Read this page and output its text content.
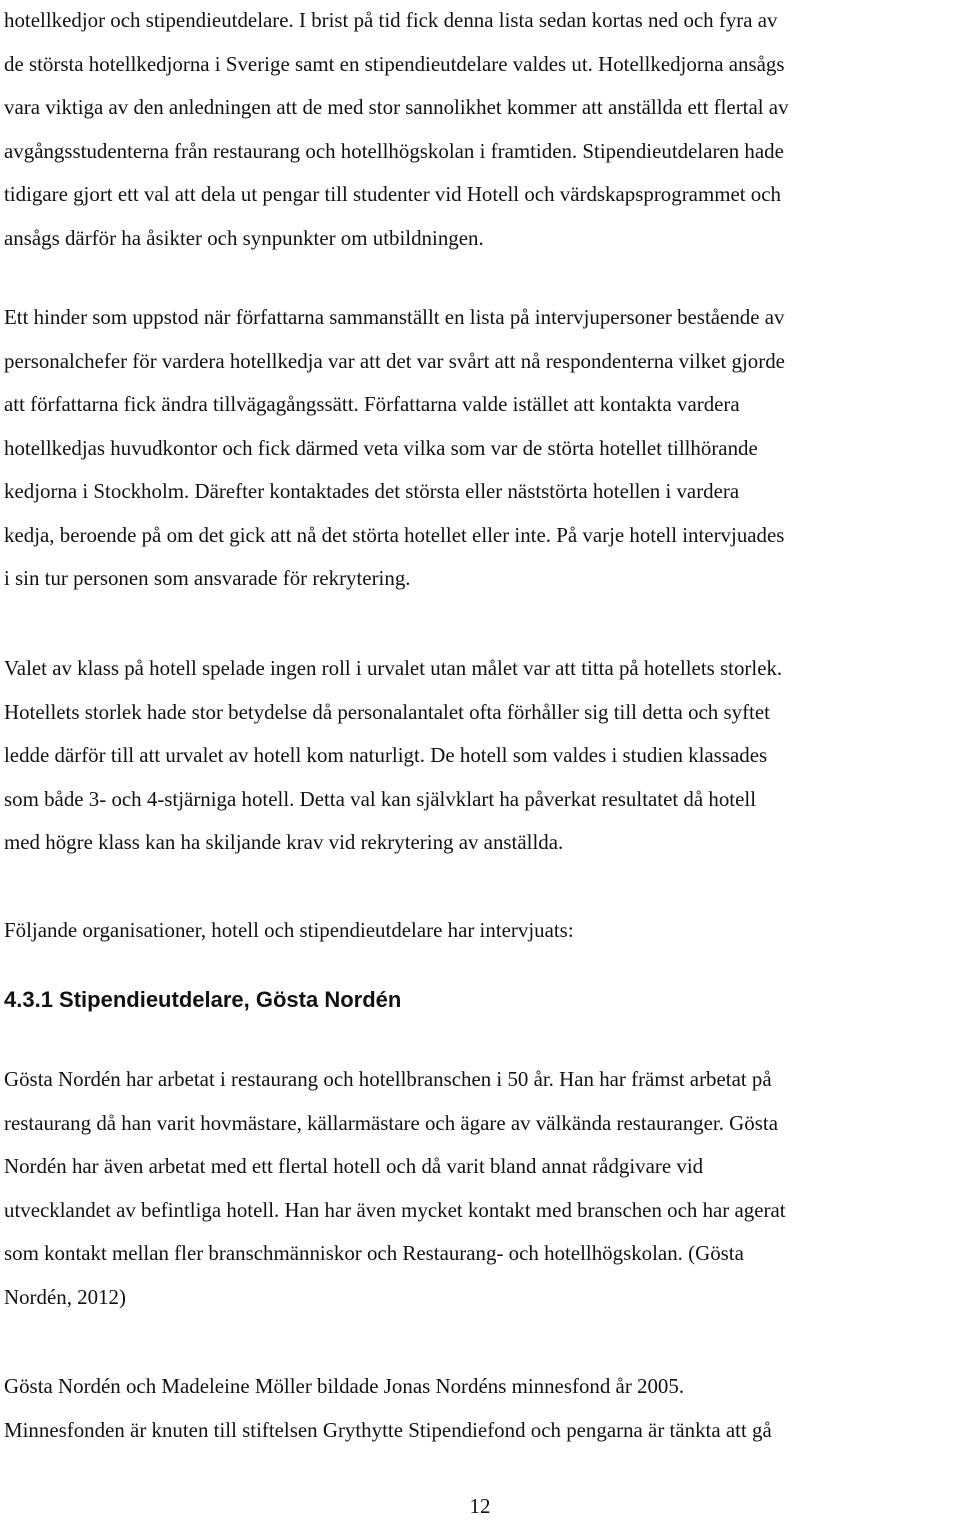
hotellkedjor och stipendieutdelare. I brist på tid fick denna lista sedan kortas ned och fyra av
de största hotellkedjorna i Sverige samt en stipendieutdelare valdes ut. Hotellkedjorna ansågs
vara viktiga av den anledningen att de med stor sannolikhet kommer att anställda ett flertal av
avgångsstudenterna från restaurang och hotellhögskolan i framtiden. Stipendieutdelaren hade
tidigare gjort ett val att dela ut pengar till studenter vid Hotell och värdskapsprogrammet och
ansågs därför ha åsikter och synpunkter om utbildningen.
Ett hinder som uppstod när författarna sammanställt en lista på intervjupersoner bestående av
personalchefer för vardera hotellkedja var att det var svårt att nå respondenterna vilket gjorde
att författarna fick ändra tillvägagångssätt. Författarna valde istället att kontakta vardera
hotellkedjas huvudkontor och fick därmed veta vilka som var de störta hotellet tillhörande
kedjorna i Stockholm. Därefter kontaktades det största eller näststörta hotellen i vardera
kedja, beroende på om det gick att nå det störta hotellet eller inte. På varje hotell intervjuades
i sin tur personen som ansvarade för rekrytering.
Valet av klass på hotell spelade ingen roll i urvalet utan målet var att titta på hotellets storlek.
Hotellets storlek hade stor betydelse då personalantalet ofta förhåller sig till detta och syftet
ledde därför till att urvalet av hotell kom naturligt. De hotell som valdes i studien klassades
som både 3- och 4-stjärniga hotell. Detta val kan självklart ha påverkat resultatet då hotell
med högre klass kan ha skiljande krav vid rekrytering av anställda.
Följande organisationer, hotell och stipendieutdelare har intervjuats:
4.3.1 Stipendieutdelare, Gösta Nordén
Gösta Nordén har arbetat i restaurang och hotellbranschen i 50 år. Han har främst arbetat på
restaurang då han varit hovmästare, källarmästare och ägare av välkända restauranger. Gösta
Nordén har även arbetat med ett flertal hotell och då varit bland annat rådgivare vid
utvecklandet av befintliga hotell. Han har även mycket kontakt med branschen och har agerat
som kontakt mellan fler branschmänniskor och Restaurang- och hotellhögskolan. (Gösta
Nordén, 2012)
Gösta Nordén och Madeleine Möller bildade Jonas Nordéns minnesfond år 2005.
Minnesfonden är knuten till stiftelsen Grythytte Stipendiefond och pengarna är tänkta att gå
12
